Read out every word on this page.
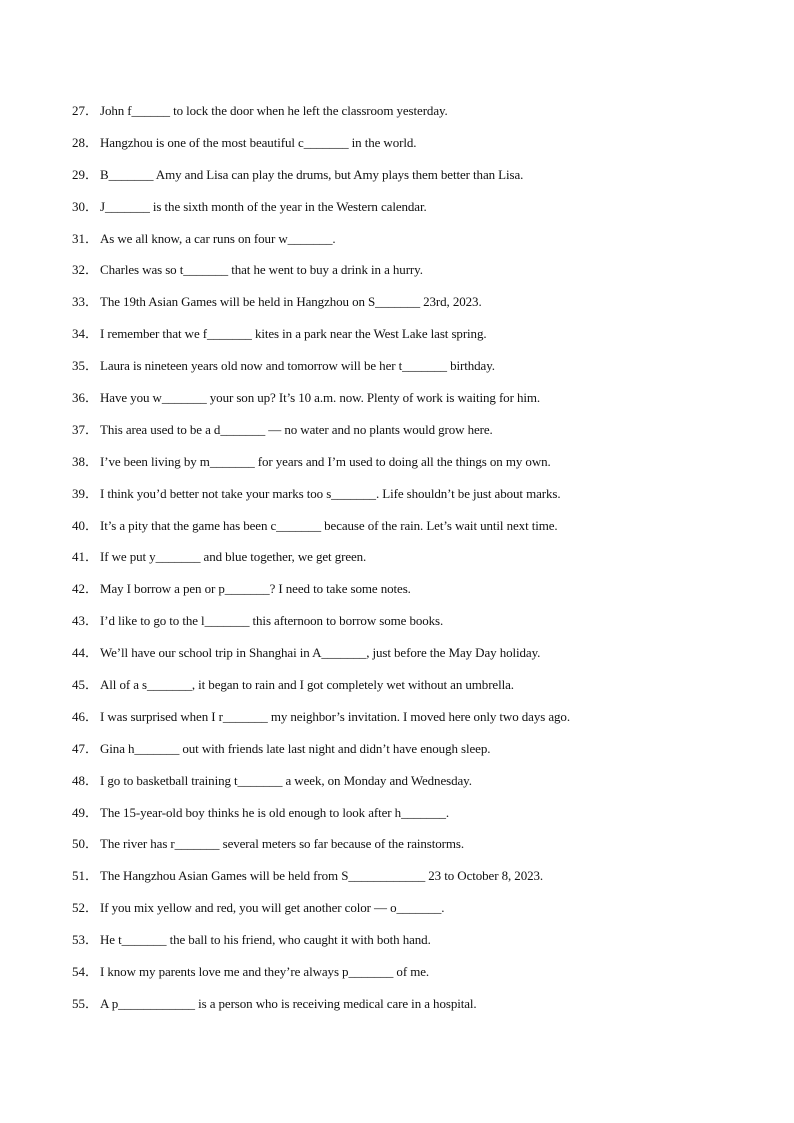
27． John f______ to lock the door when he left the classroom yesterday.
28． Hangzhou is one of the most beautiful c_______ in the world.
29． B_______ Amy and Lisa can play the drums, but Amy plays them better than Lisa.
30． J_______ is the sixth month of the year in the Western calendar.
31． As we all know, a car runs on four w_______.
32． Charles was so t_______ that he went to buy a drink in a hurry.
33． The 19th Asian Games will be held in Hangzhou on S_______ 23rd, 2023.
34． I remember that we f_______ kites in a park near the West Lake last spring.
35． Laura is nineteen years old now and tomorrow will be her t_______ birthday.
36． Have you w_______ your son up? It’s 10 a.m. now. Plenty of work is waiting for him.
37． This area used to be a d_______ — no water and no plants would grow here.
38． I’ve been living by m_______ for years and I’m used to doing all the things on my own.
39． I think you’d better not take your marks too s_______. Life shouldn’t be just about marks.
40． It’s a pity that the game has been c_______ because of the rain. Let’s wait until next time.
41． If we put y_______ and blue together, we get green.
42． May I borrow a pen or p_______? I need to take some notes.
43． I’d like to go to the l_______ this afternoon to borrow some books.
44． We’ll have our school trip in Shanghai in A_______, just before the May Day holiday.
45． All of a s_______, it began to rain and I got completely wet without an umbrella.
46． I was surprised when I r_______ my neighbor’s invitation. I moved here only two days ago.
47． Gina h_______ out with friends late last night and didn’t have enough sleep.
48． I go to basketball training t_______ a week, on Monday and Wednesday.
49． The 15-year-old boy thinks he is old enough to look after h_______.
50． The river has r_______ several meters so far because of the rainstorms.
51． The Hangzhou Asian Games will be held from S____________ 23 to October 8, 2023.
52． If you mix yellow and red, you will get another color — o_______.
53． He t_______ the ball to his friend, who caught it with both hand.
54． I know my parents love me and they’re always p_______ of me.
55． A p____________ is a person who is receiving medical care in a hospital.
